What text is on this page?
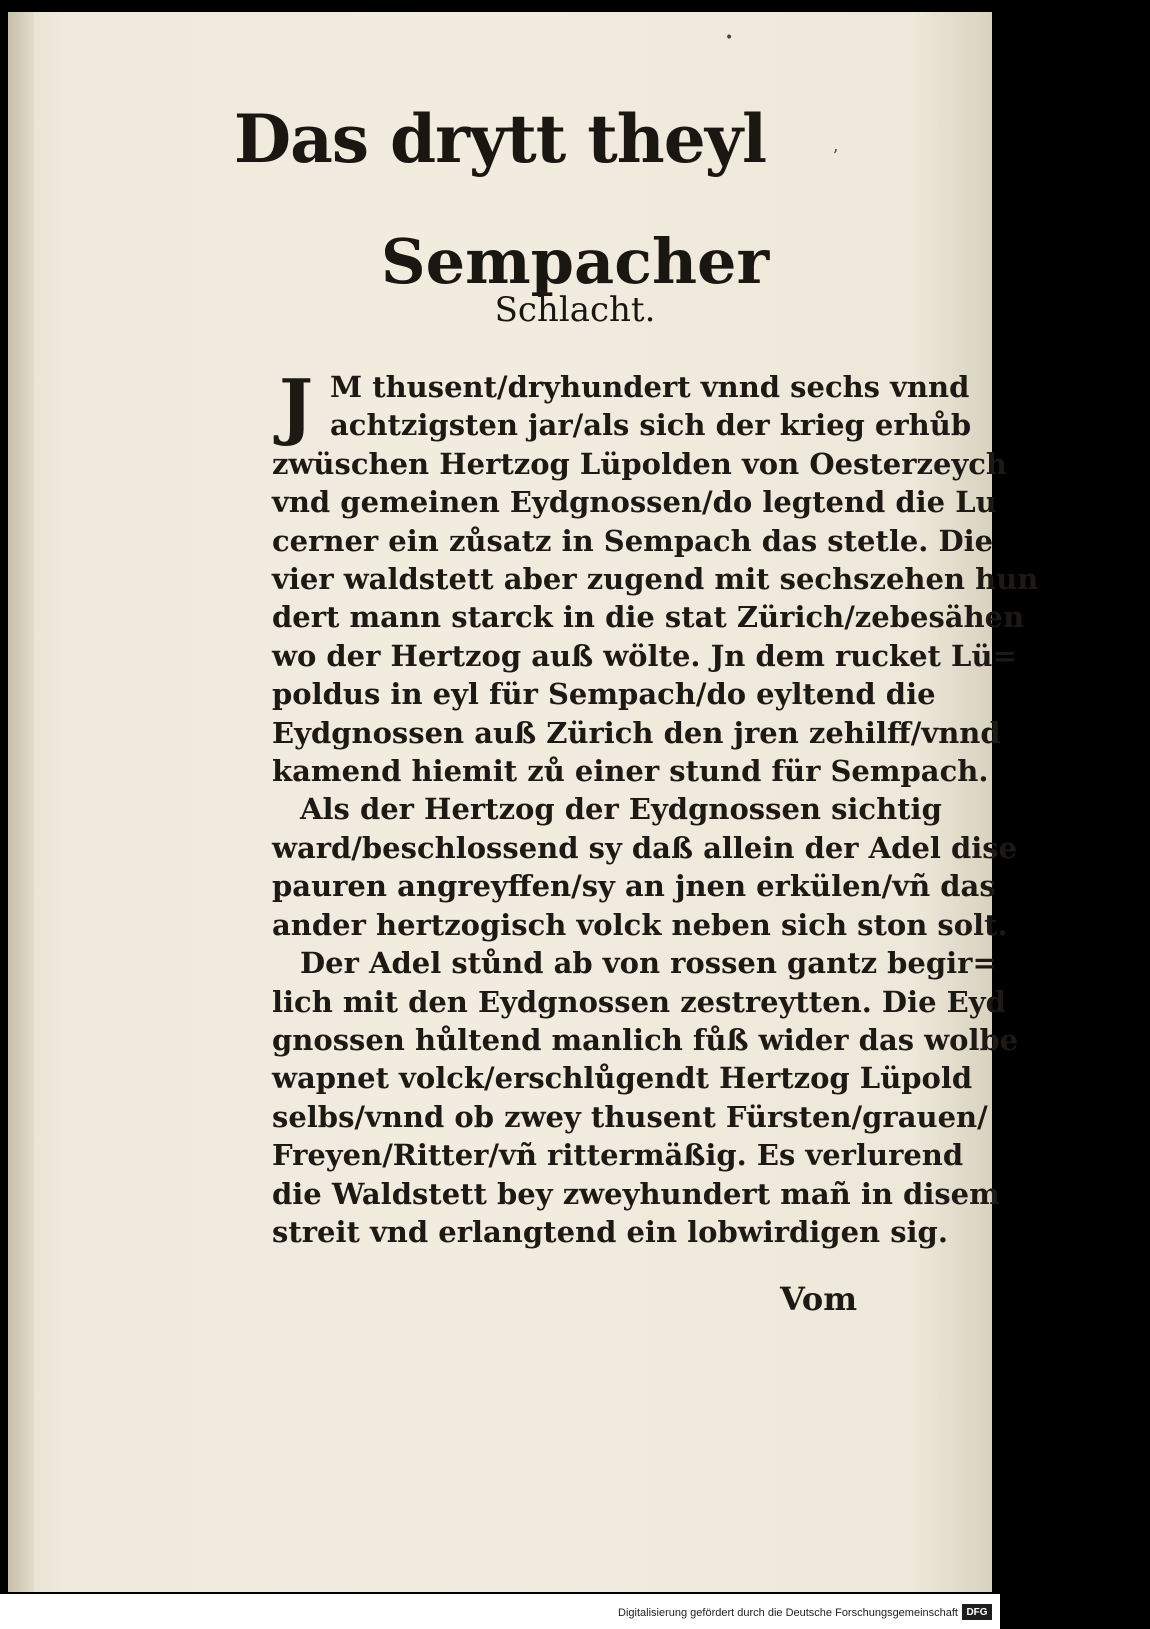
•
ʼ
Das drytt theyl
Sempacher
Schlacht.
J M thusent/dryhundert vnnd sechs vnnd
achtzigsten jar/als sich der krieg erhůb
zwüschen Hertzog Lüpolden von Oesterzeych
vnd gemeinen Eydgnossen/do legtend die Lu
cerner ein zůsatz in Sempach das stetle. Die
vier waldstett aber zugend mit sechszehen hun
dert mann starck in die stat Zürich/zebesähen
wo der Hertzog auß wölte. Jn dem rucket Lü=
poldus in eyl für Sempach/do eyltend die
Eydgnossen auß Zürich den jren zehilff/vnnd
kamend hiemit zů einer stund für Sempach.
Als der Hertzog der Eydgnossen sichtig
ward/beschlossend sy daß allein der Adel dise
pauren angreyffen/sy an jnen erkülen/vñ das
ander hertzogisch volck neben sich ston solt.
Der Adel stůnd ab von rossen gantz begir=
lich mit den Eydgnossen zestreytten. Die Eyd
gnossen hůltend manlich fůß wider das wolbe
wapnet volck/erschlůgendt Hertzog Lüpold
selbs/vnnd ob zwey thusent Fürsten/grauen/
Freyen/Ritter/vñ rittermäßig. Es verlurend
die Waldstett bey zweyhundert mañ in disem
streit vnd erlangtend ein lobwirdigen sig.
Vom
Digitalisierung gefördert durch die Deutsche Forschungsgemeinschaft DFG
